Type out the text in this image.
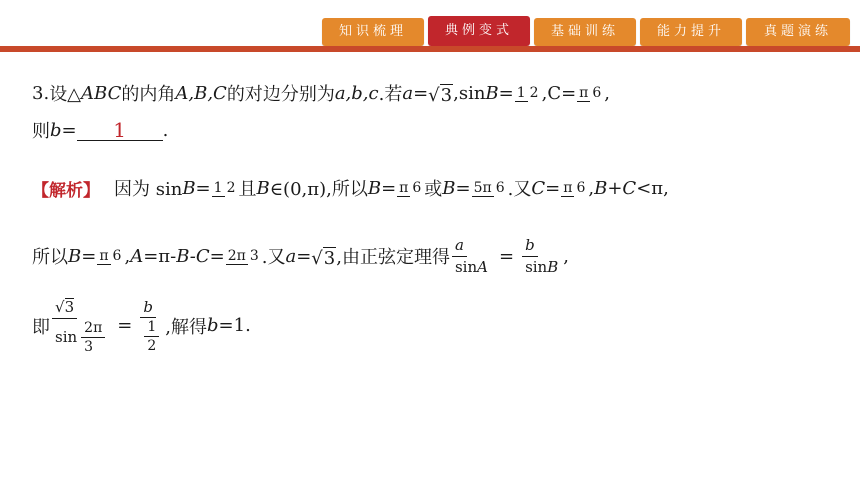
知识梳理	典例变式	基础训练	能力提升	真题演练
3. 设△ ABC 的内角 A,B,C 的对边分别为 a,b,c .若 a = √3 ,sin B = 1 2 ,C= π 6 ,
则 b =	1	.
【解析】 因为 sin B = 1 2 且 B ∈(0,π),所以 B = π 6 或 B = 5π 6 .又 C = π 6 , B+C <π,
所以 B = π 6 , A =π- B-C = 2π 3 .又 a = √3 ,由正弦定理得 $\frac{a}{\text{sin A}} = \frac{b}{\text{sin B}}$ ,
即 $\frac{√3}{\sin \frac{2\pi}{3}} = \frac{b}{\frac{1}{2}}$ ,解得 b =1.
